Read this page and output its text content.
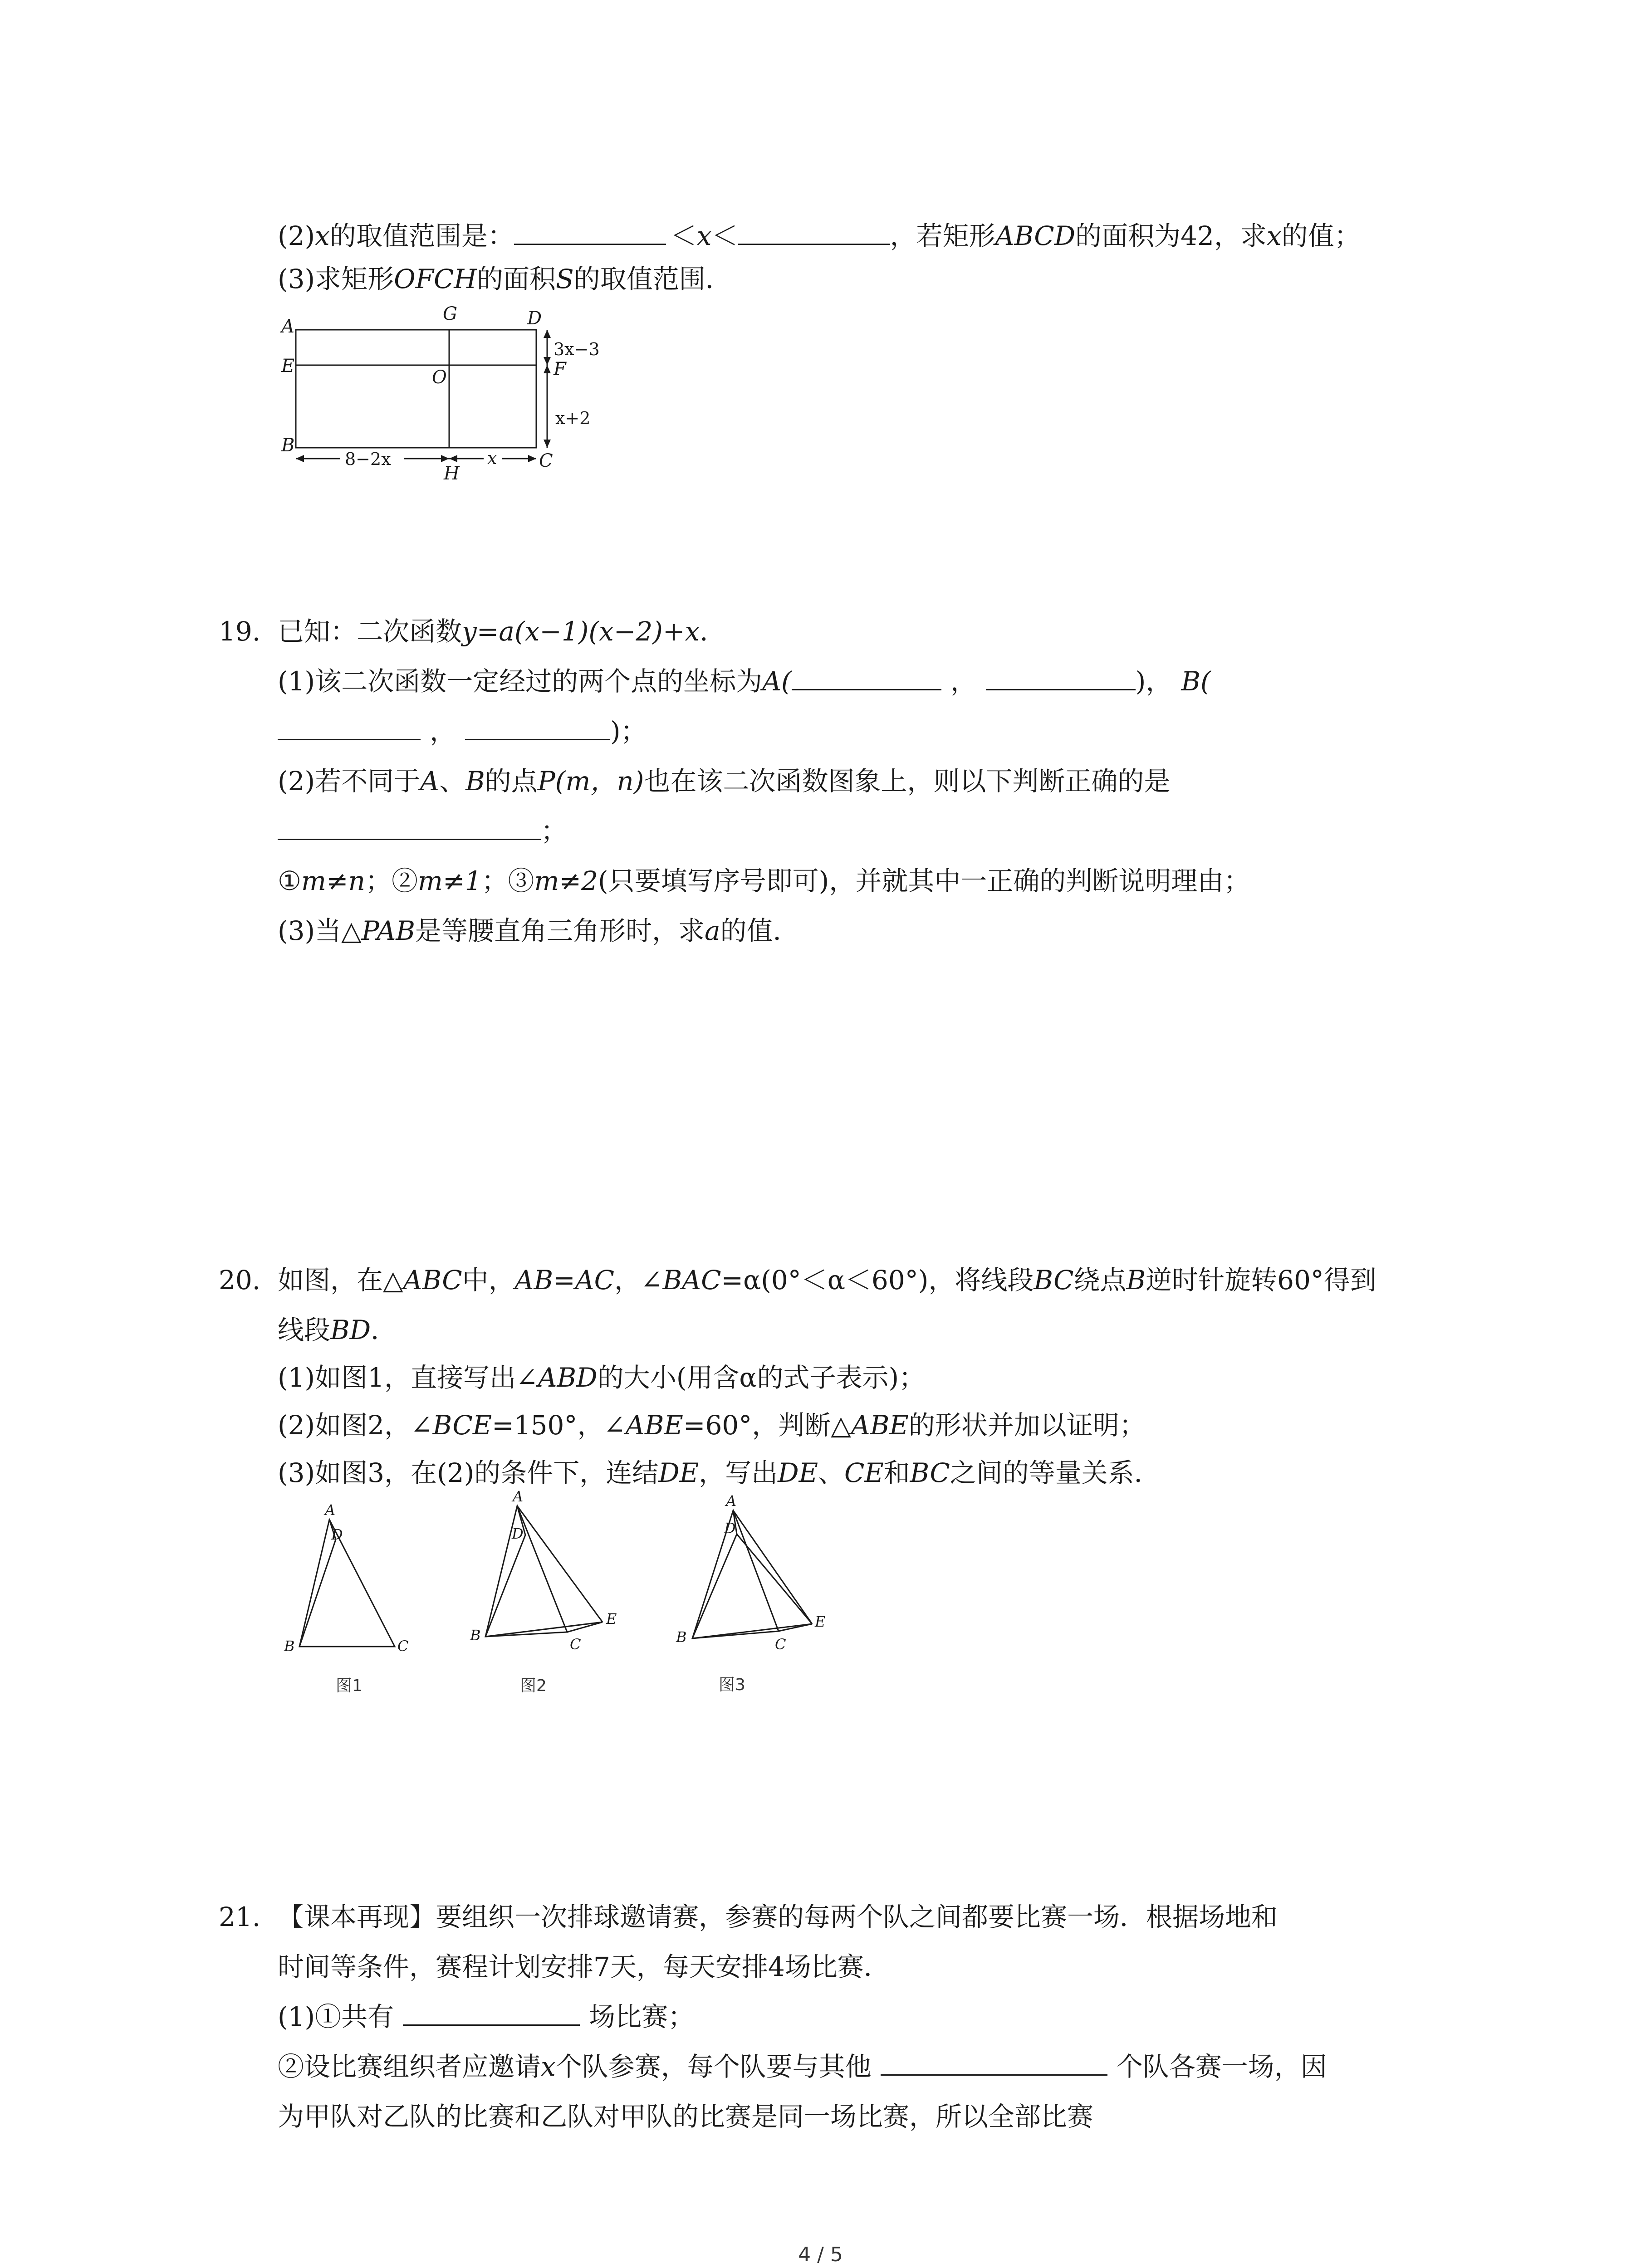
(2)x的取值范围是：	＜x＜	，若矩形ABCD的面积为42，求x的值；
(3)求矩形OFCH的面积S的取值范围．
A
G	D
E
O	F
B
H
C
3x−3
x+2
8−2x	x
19. 已知：二次函数y=a(x−1)(x−2)+x．
(1)该二次函数一定经过的两个点的坐标为A(	，	)， B(
，	)；
(2)若不同于A、B的点P(m，n)也在该二次函数图象上，则以下判断正确的是
；
①m≠n；②m≠1；③m≠2(只要填写序号即可)，并就其中一正确的判断说明理由；
(3)当△PAB是等腰直角三角形时，求a的值．
20. 如图，在△ABC中，AB=AC，∠BAC=α(0°＜α＜60°)，将线段BC绕点B逆时针旋转60°得到
线段BD．
(1)如图1，直接写出∠ABD的大小(用含α的式子表示)；
(2)如图2，∠BCE=150°，∠ABE=60°，判断△ABE的形状并加以证明；
(3)如图3，在(2)的条件下，连结DE，写出DE、CE和BC之间的等量关系．
A
D
B	C
图1
A
D
B
C
E
图2
A
D
B	C
E
图3
21. 【课本再现】要组织一次排球邀请赛，参赛的每两个队之间都要比赛一场．根据场地和
时间等条件，赛程计划安排7天，每天安排4场比赛．
(1)①共有	场比赛；
②设比赛组织者应邀请x个队参赛，每个队要与其他	个队各赛一场，因
为甲队对乙队的比赛和乙队对甲队的比赛是同一场比赛，所以全部比赛
4 / 5
